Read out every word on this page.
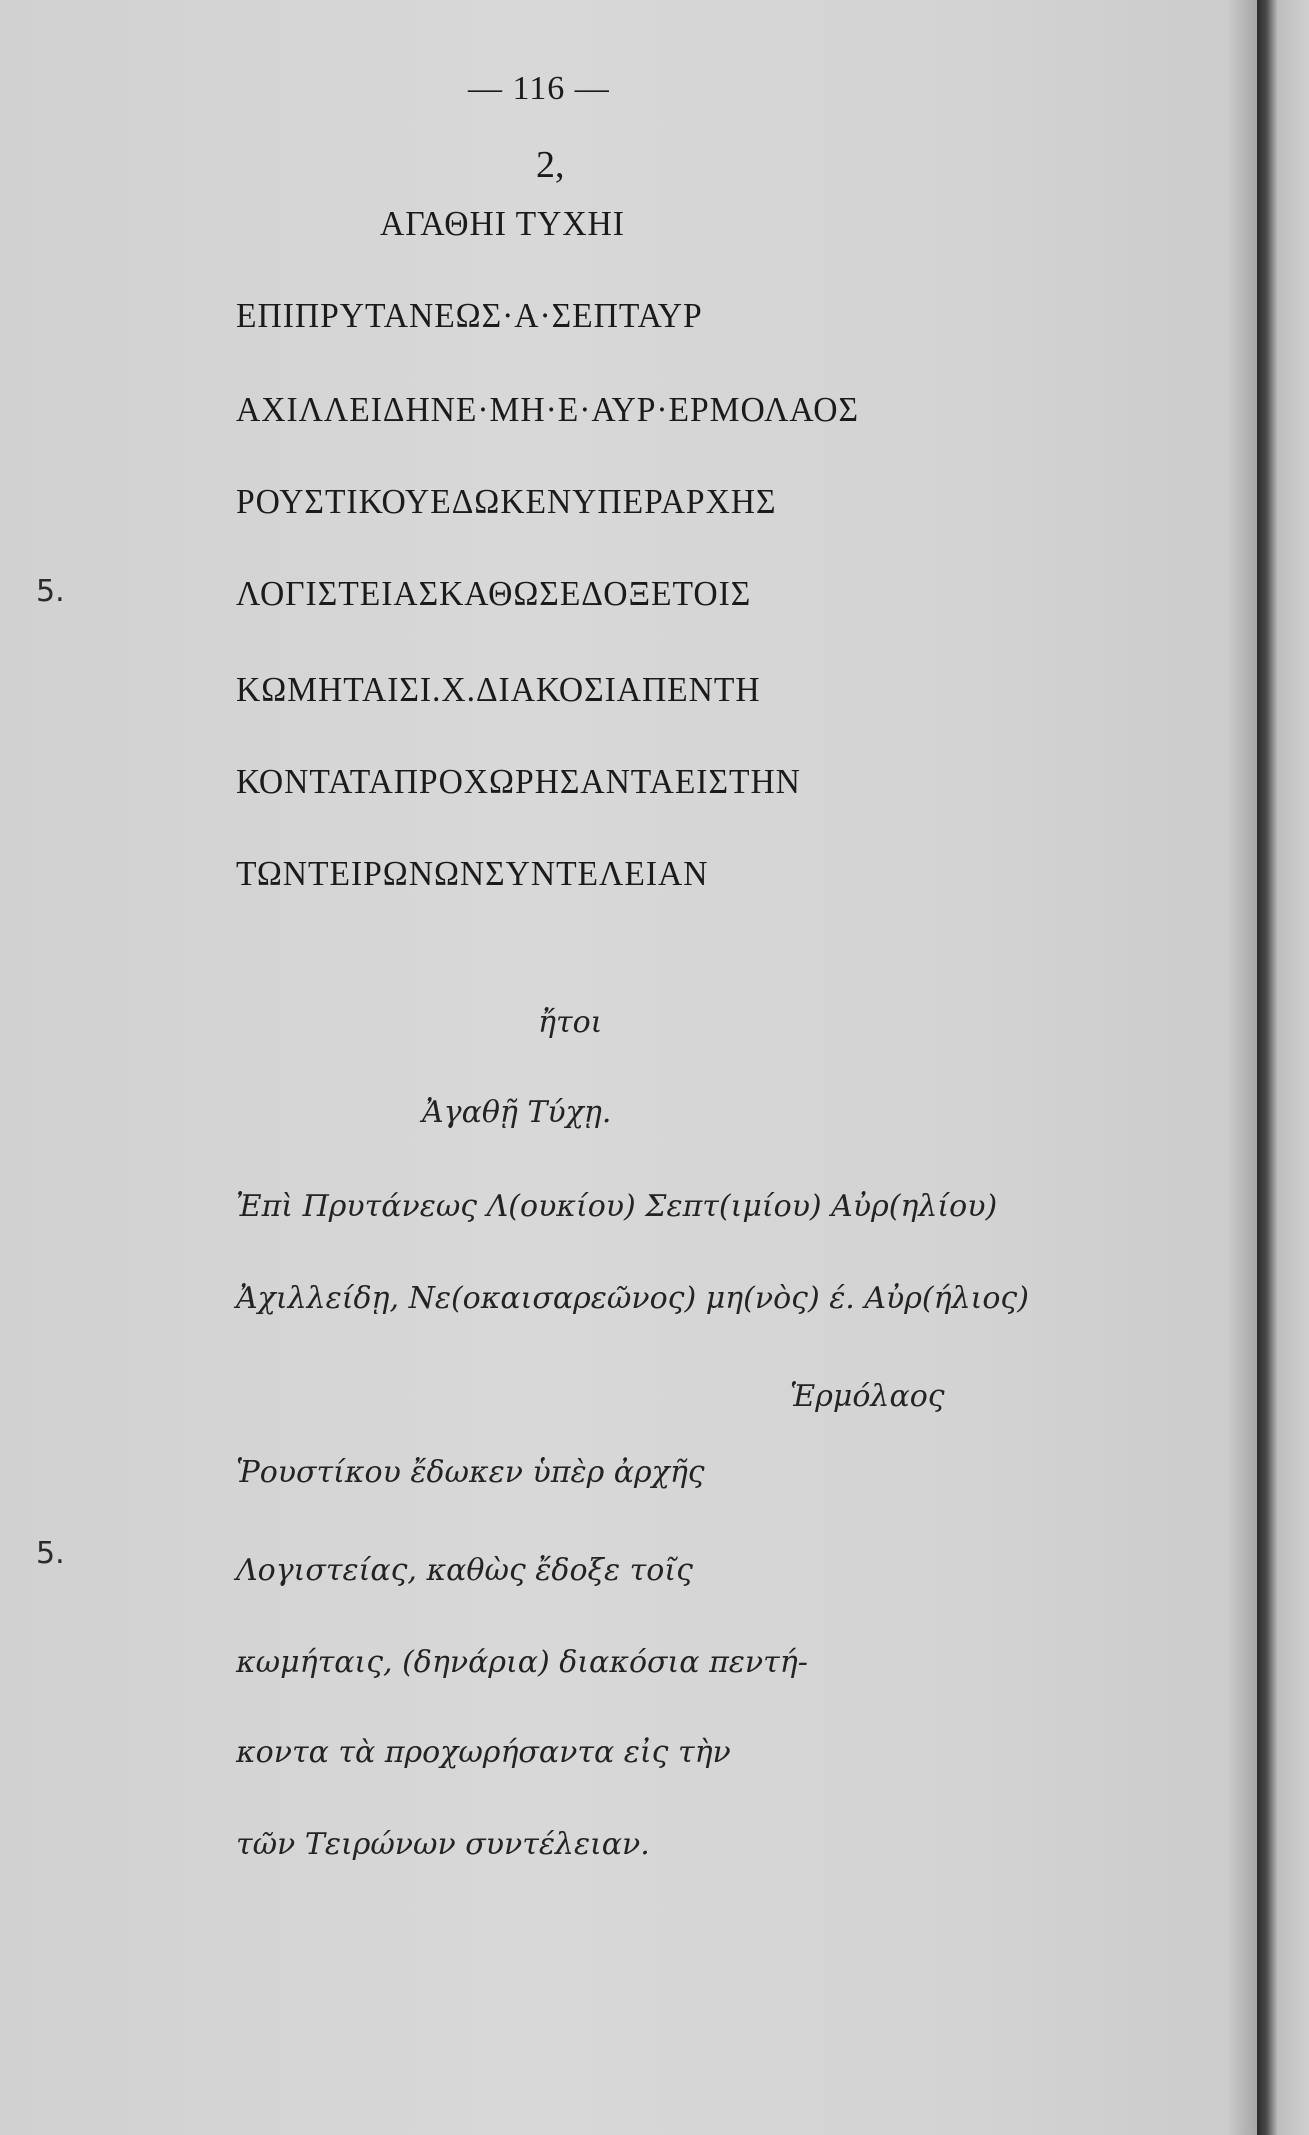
— 116 —
2,
ΑΓΑΘΗΙ ΤΥΧΗΙ
ΕΠΙΠΡΥΤΑΝΕΩΣ·Α·ΣΕΠΤΑΥΡ
ΑΧΙΛΛΕΙΔΗΝΕ·ΜΗ·Ε·ΑΥΡ·ΕΡΜΟΛΑΟΣ
ΡΟΥΣΤΙΚΟΥΕΔΩΚΕΝΥΠΕΡΑΡΧΗΣ
5.	ΛΟΓΙΣΤΕΙΑΣΚΑΘΩΣΕΔΟΞΕΤΟΙΣ
ΚΩΜΗΤΑΙΣΙ.Χ.ΔΙΑΚΟΣΙΑΠΕΝΤΗ
ΚΟΝΤΑΤΑΠΡΟΧΩΡΗΣΑΝΤΑΕΙΣΤΗΝ
ΤΩΝΤΕΙΡΩΝΩΝΣΥΝΤΕΛΕΙΑΝ
ἤτοι
Ἀγαθῇ Τύχῃ.
Ἐπὶ Πρυτάνεως Λ(ουκίου) Σεπτ(ιμίου) Αὐρ(ηλίου)
Ἀχιλλείδῃ, Νε(οκαισαρεῶνος) μη(νὸς) έ. Αὐρ(ήλιος)
Ἑρμόλαος
Ῥουστίκου ἔδωκεν ὑπὲρ ἀρχῆς
5.	Λογιστείας, καθὼς ἔδοξε τοῖς
κωμήταις, (δηνάρια) διακόσια πεντή-
κοντα τὰ προχωρήσαντα εἰς τὴν
τῶν Τειρώνων συντέλειαν.
